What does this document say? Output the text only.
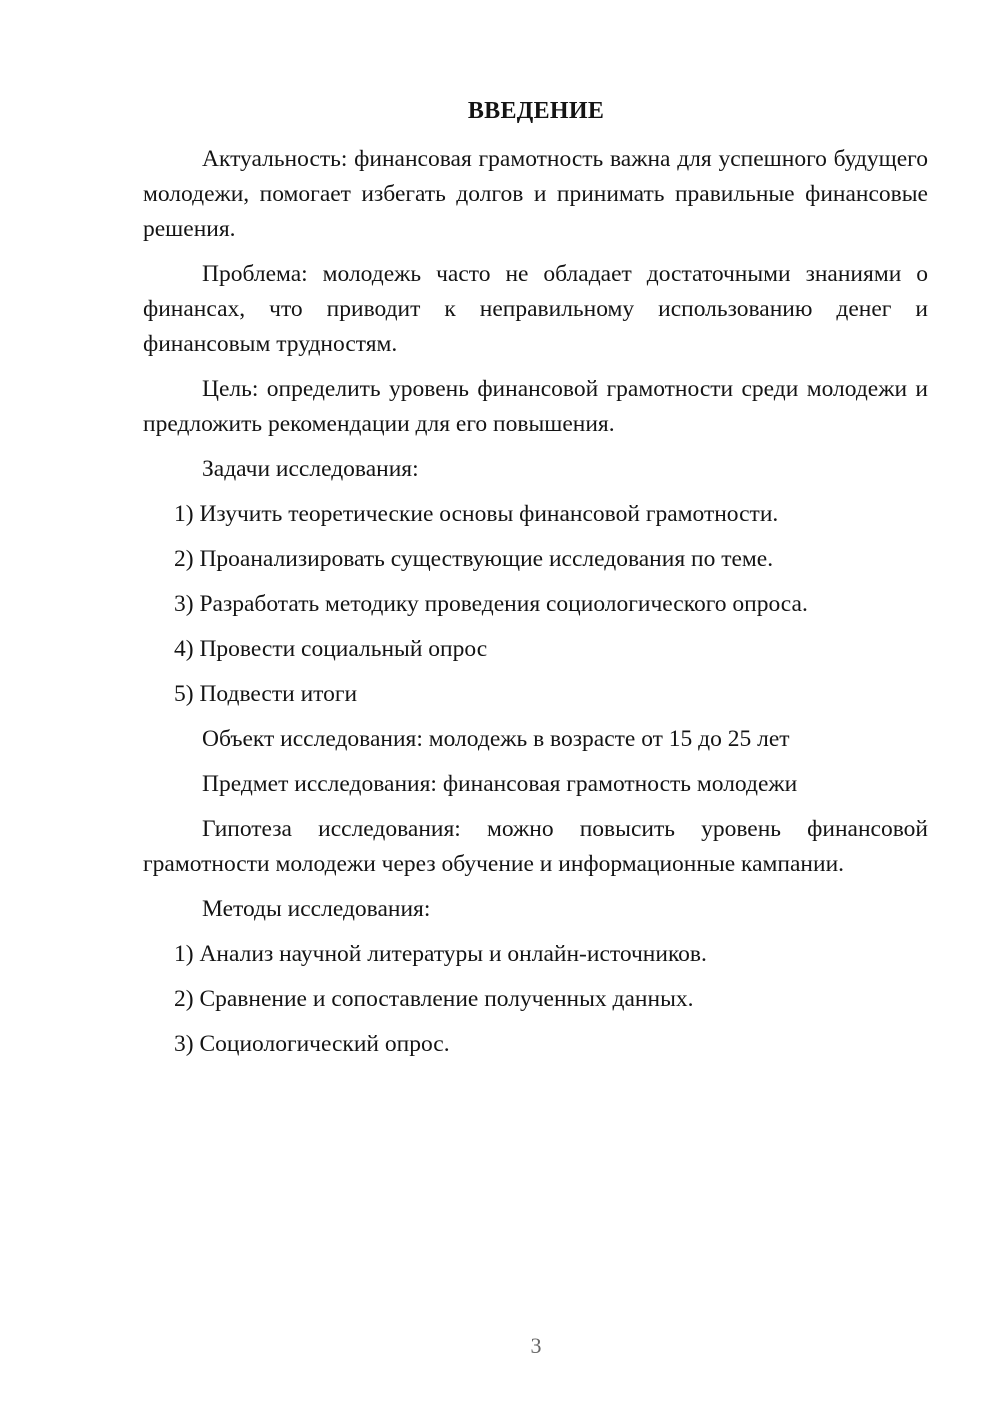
ВВЕДЕНИЕ

Актуальность: финансовая грамотность важна для успешного будущего молодежи, помогает избегать долгов и принимать правильные финансовые решения.

Проблема: молодежь часто не обладает достаточными знаниями о финансах, что приводит к неправильному использованию денег и финансовым трудностям.

Цель: определить уровень финансовой грамотности среди молодежи и предложить рекомендации для его повышения.

Задачи исследования:

1) Изучить теоретические основы финансовой грамотности.
2) Проанализировать существующие исследования по теме.
3) Разработать методику проведения социологического опроса.
4) Провести социальный опрос
5) Подвести итоги

Объект исследования: молодежь в возрасте от 15 до 25 лет

Предмет исследования: финансовая грамотность молодежи

Гипотеза исследования: можно повысить уровень финансовой грамотности молодежи через обучение и информационные кампании.

Методы исследования:

1) Анализ научной литературы и онлайн-источников.
2) Сравнение и сопоставление полученных данных.
3) Социологический опрос.
3
